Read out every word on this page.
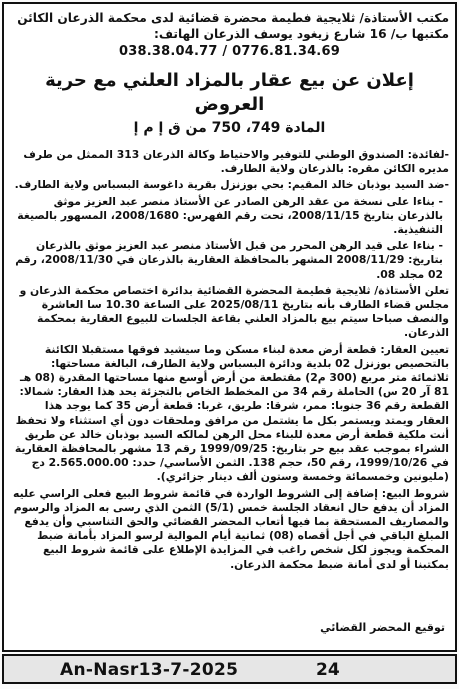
مكتب الأستاذة/ ثلايجية فطيمة محضرة قضائية لدى محكمة الذرعان الكائن مكتبها ب/ 16 شارع زيغود يوسف الذرعان الهاتف:
038.38.04.77 / 0776.81.34.69
إعلان عن بيع عقار بالمزاد العلني مع حرية العروض
المادة 749، 750 من ق إ م إ

-لفائدة: الصندوق الوطني للتوفير والاحتياط وكالة الذرعان 313 الممثل من طرف مديره الكائن مقره: بالذرعان ولاية الطارف.

-ضد السيد بوذبان خالد المقيم: بحي بوزنزل بقرية داغوسة البسباس ولاية الطارف.

- بناءا على نسخة من عقد الرهن الصادر عن الأستاذ منصر عبد العزيز موثق بالذرعان بتاريخ 2008/11/15، تحت رقم الفهرس: 2008/1680، المسهور بالصيغة التنفيذية.

- بناءا على قيد الرهن المحرر من قبل الأستاذ منصر عبد العزيز موثق بالذرعان بتاريخ: 2008/11/29 المشهر بالمحافظة العقارية بالذرعان في 2008/11/30، رقم 02 مجلد 08.

تعلن الأستاذة/ ثلايجية فطيمة المحضرة القضائية بدائرة اختصاص محكمة الذرعان و مجلس قضاء الطارف بأنه بتاريخ 2025/08/11 على الساعة 10.30 سا العاشرة والنصف صباحا سيتم بيع بالمزاد العلني بقاعة الجلسات للبيوع العقارية بمحكمة الذرعان.

تعيين العقار: قطعة أرض معدة لبناء مسكن وما سيشيد فوقها مستقبلا الكائنة بالتحصيص بوزنزل 02 بلدية ودائرة البسباس ولاية الطارف، البالغة مساحتها: ثلاثمائة متر مربع (300 م2) مقتطعة من أرض أوسع منها مساحتها المقدرة (08 هـ 81 آر 20 س) الحاملة رقم 34 من المخطط الخاص بالتجزئة يحد هذا العقار: شمالا: القطعة رقم 36 جنوبا: ممر، شرقا: طريق، غربا: قطعة أرض 35 كما يوجد هذا العقار ويمتد ويستمر بكل ما يشتمل من مرافق وملحقات دون أي استثناء ولا تحفظ أنت ملكية قطعة أرض معدة للبناء محل الرهن لمالكه السيد بوذبان خالد عن طريق الشراء بموجب عقد بيع حر بتاريخ: 1999/09/25 رقم 13 مشهر بالمحافظة العقارية في 1999/10/26، رقم 50، حجم 138. الثمن الأساسي/ حدد: 2.565.000.00 دج (مليونين وخمسمائة وخمسة وستون ألف دينار جزائري).

شروط البيع: إضافة إلى الشروط الواردة في قائمة شروط البيع فعلى الراسي عليه المزاد أن يدفع حال انعقاد الجلسة خمس (5/1) الثمن الذي رسى به المزاد والرسوم والمصاريف المستحقة بما فيها أتعاب المحضر القضائي والحق التناسبي وأن يدفع المبلغ الباقي في أجل أقصاه (08) ثمانية أيام الموالية لرسو المزاد بأمانة ضبط المحكمة ويجوز لكل شخص راغب في المزايدة الإطلاع على قائمة شروط البيع بمكتبنا أو لدى أمانة ضبط محكمة الذرعان.

توقيع المحضر القضائي
An-Nasr13-7-2025	24
